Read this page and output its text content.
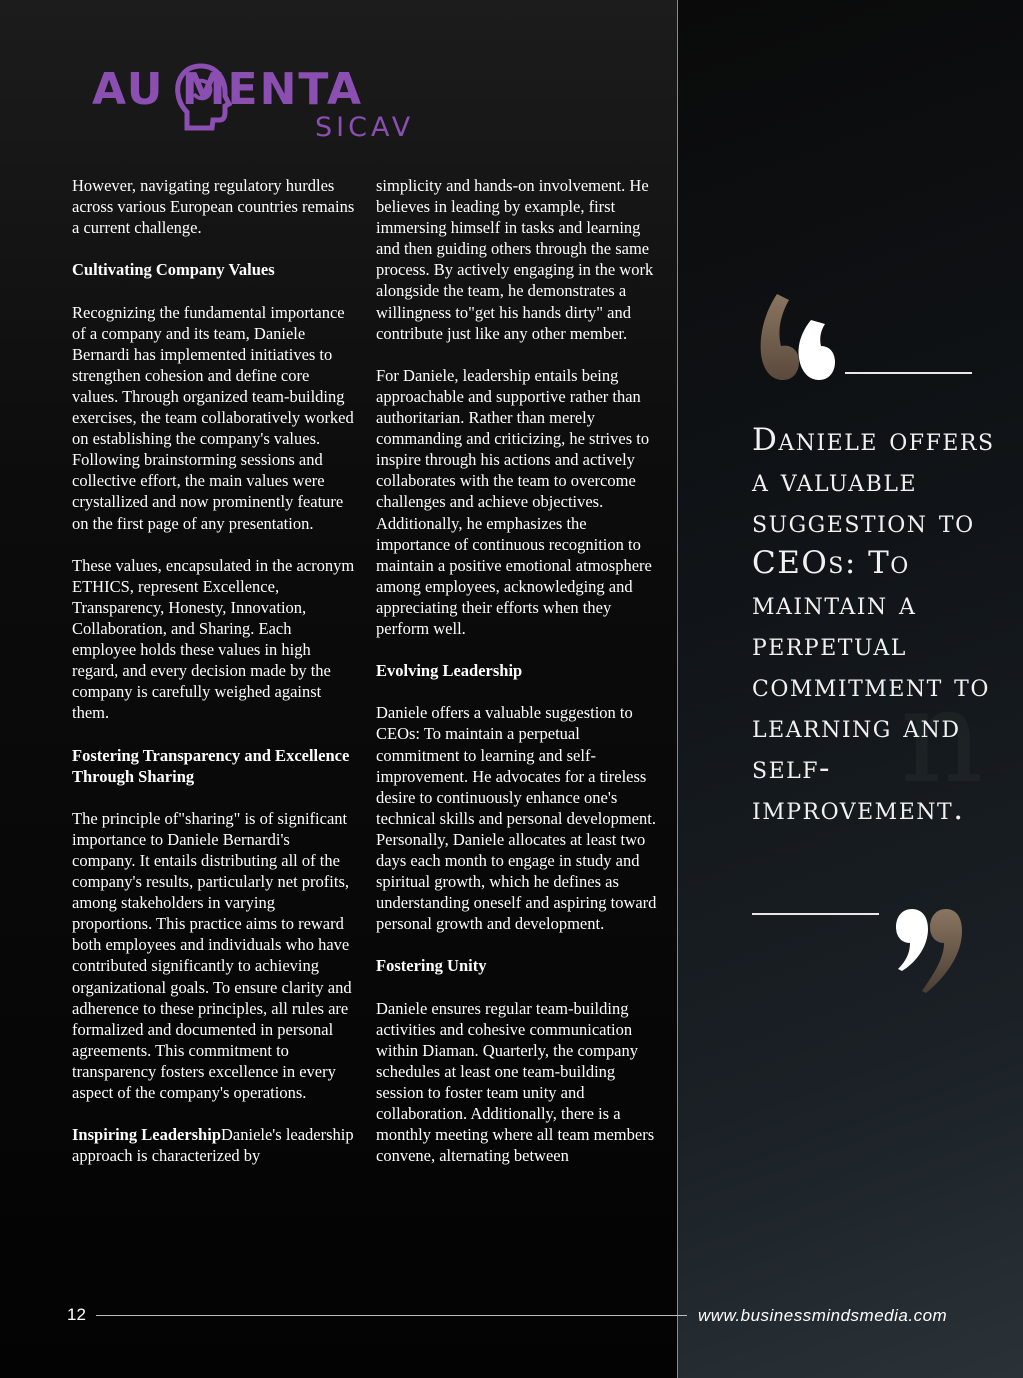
AU MENTA
SICAV

However, navigating regulatory hurdles across various European countries remains a current challenge.

Cultivating Company Values

Recognizing the fundamental importance of a company and its team, Daniele Bernardi has implemented initiatives to strengthen cohesion and define core values. Through organized team-building exercises, the team collaboratively worked on establishing the company's values. Following brainstorming sessions and collective effort, the main values were crystallized and now prominently feature on the first page of any presentation.

These values, encapsulated in the acronym ETHICS, represent Excellence, Transparency, Honesty, Innovation, Collaboration, and Sharing. Each employee holds these values in high regard, and every decision made by the company is carefully weighed against them.

Fostering Transparency and Excellence Through Sharing

The principle of"sharing" is of significant importance to Daniele Bernardi's company. It entails distributing all of the company's results, particularly net profits, among stakeholders in varying proportions. This practice aims to reward both employees and individuals who have contributed significantly to achieving organizational goals. To ensure clarity and adherence to these principles, all rules are formalized and documented in personal agreements. This commitment to transparency fosters excellence in every aspect of the company's operations.

Inspiring LeadershipDaniele's leadership approach is characterized by

simplicity and hands-on involvement. He believes in leading by example, first immersing himself in tasks and learning and then guiding others through the same process. By actively engaging in the work alongside the team, he demonstrates a willingness to"get his hands dirty" and contribute just like any other member.

For Daniele, leadership entails being approachable and supportive rather than authoritarian. Rather than merely commanding and criticizing, he strives to inspire through his actions and actively collaborates with the team to overcome challenges and achieve objectives. Additionally, he emphasizes the importance of continuous recognition to maintain a positive emotional atmosphere among employees, acknowledging and appreciating their efforts when they perform well.

Evolving Leadership

Daniele offers a valuable suggestion to CEOs: To maintain a perpetual commitment to learning and self-improvement. He advocates for a tireless desire to continuously enhance one's technical skills and personal development. Personally, Daniele allocates at least two days each month to engage in study and spiritual growth, which he defines as understanding oneself and aspiring toward personal growth and development.

Fostering Unity

Daniele ensures regular team-building activities and cohesive communication within Diaman. Quarterly, the company schedules at least one team-building session to foster team unity and collaboration. Additionally, there is a monthly meeting where all team members convene, alternating between

Daniele offers a valuable suggestion to CEOs: To maintain a perpetual commitment to learning and self-improvement.

12	www.businessmindsmedia.com
